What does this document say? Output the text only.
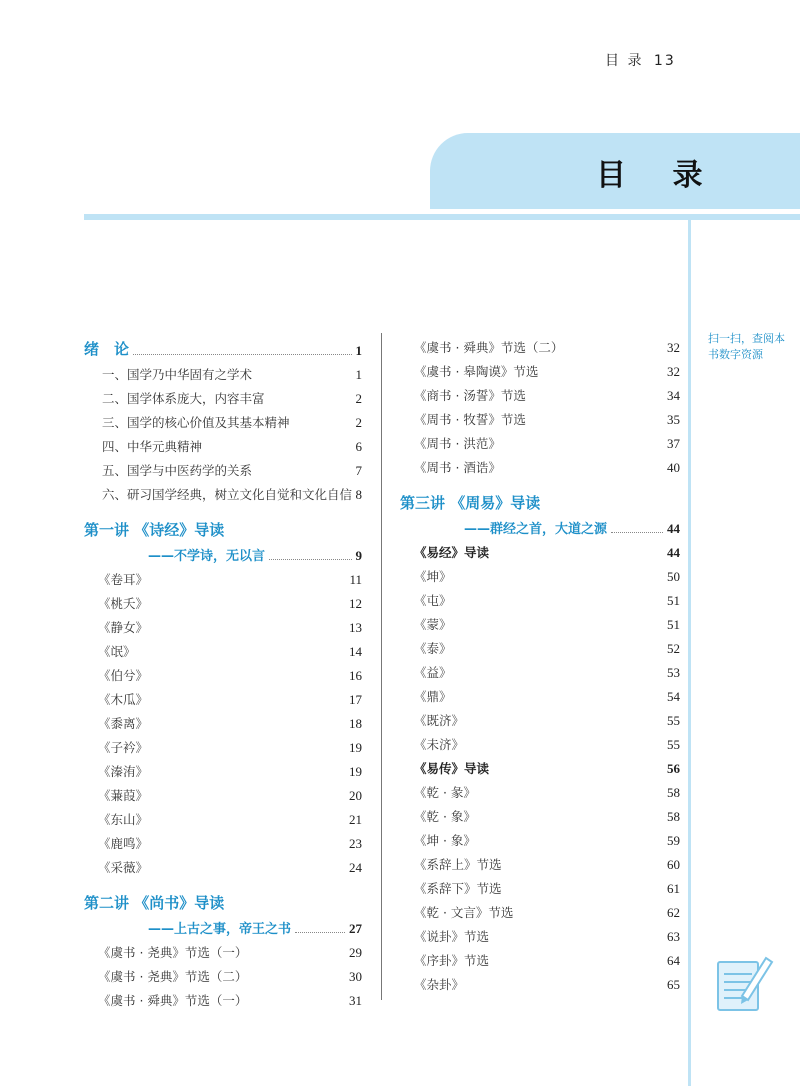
目 录 13
目 录
扫一扫，查阅本书数字资源
绪　论	1
一、国学乃中华固有之学术	1
二、国学体系庞大，内容丰富	2
三、国学的核心价值及其基本精神	2
四、中华元典精神	6
五、国学与中医药学的关系	7
六、研习国学经典，树立文化自觉和文化自信 8
第一讲 《诗经》导读
——不学诗，无以言	9
《卷耳》	11
《桃夭》	12
《静女》	13
《氓》	14
《伯兮》	16
《木瓜》	17
《黍离》	18
《子衿》	19
《溱洧》	19
《蒹葭》	20
《东山》	21
《鹿鸣》	23
《采薇》	24
第二讲 《尚书》导读
——上古之事，帝王之书	27
《虞书 · 尧典》节选（一）	29
《虞书 · 尧典》节选（二）	30
《虞书 · 舜典》节选（一）	31
《虞书 · 舜典》节选（二）	32
《虞书 · 皋陶谟》节选	32
《商书 · 汤誓》节选	34
《周书 · 牧誓》节选	35
《周书 · 洪范》	37
《周书 · 酒诰》	40
第三讲 《周易》导读
——群经之首，大道之源	44
《易经》导读	44
《坤》	50
《屯》	51
《蒙》	51
《泰》	52
《益》	53
《鼎》	54
《既济》	55
《未济》	55
《易传》导读	56
《乾 · 彖》	58
《乾 · 象》	58
《坤 · 象》	59
《系辞上》节选	60
《系辞下》节选	61
《乾 · 文言》节选	62
《说卦》节选	63
《序卦》节选	64
《杂卦》	65
